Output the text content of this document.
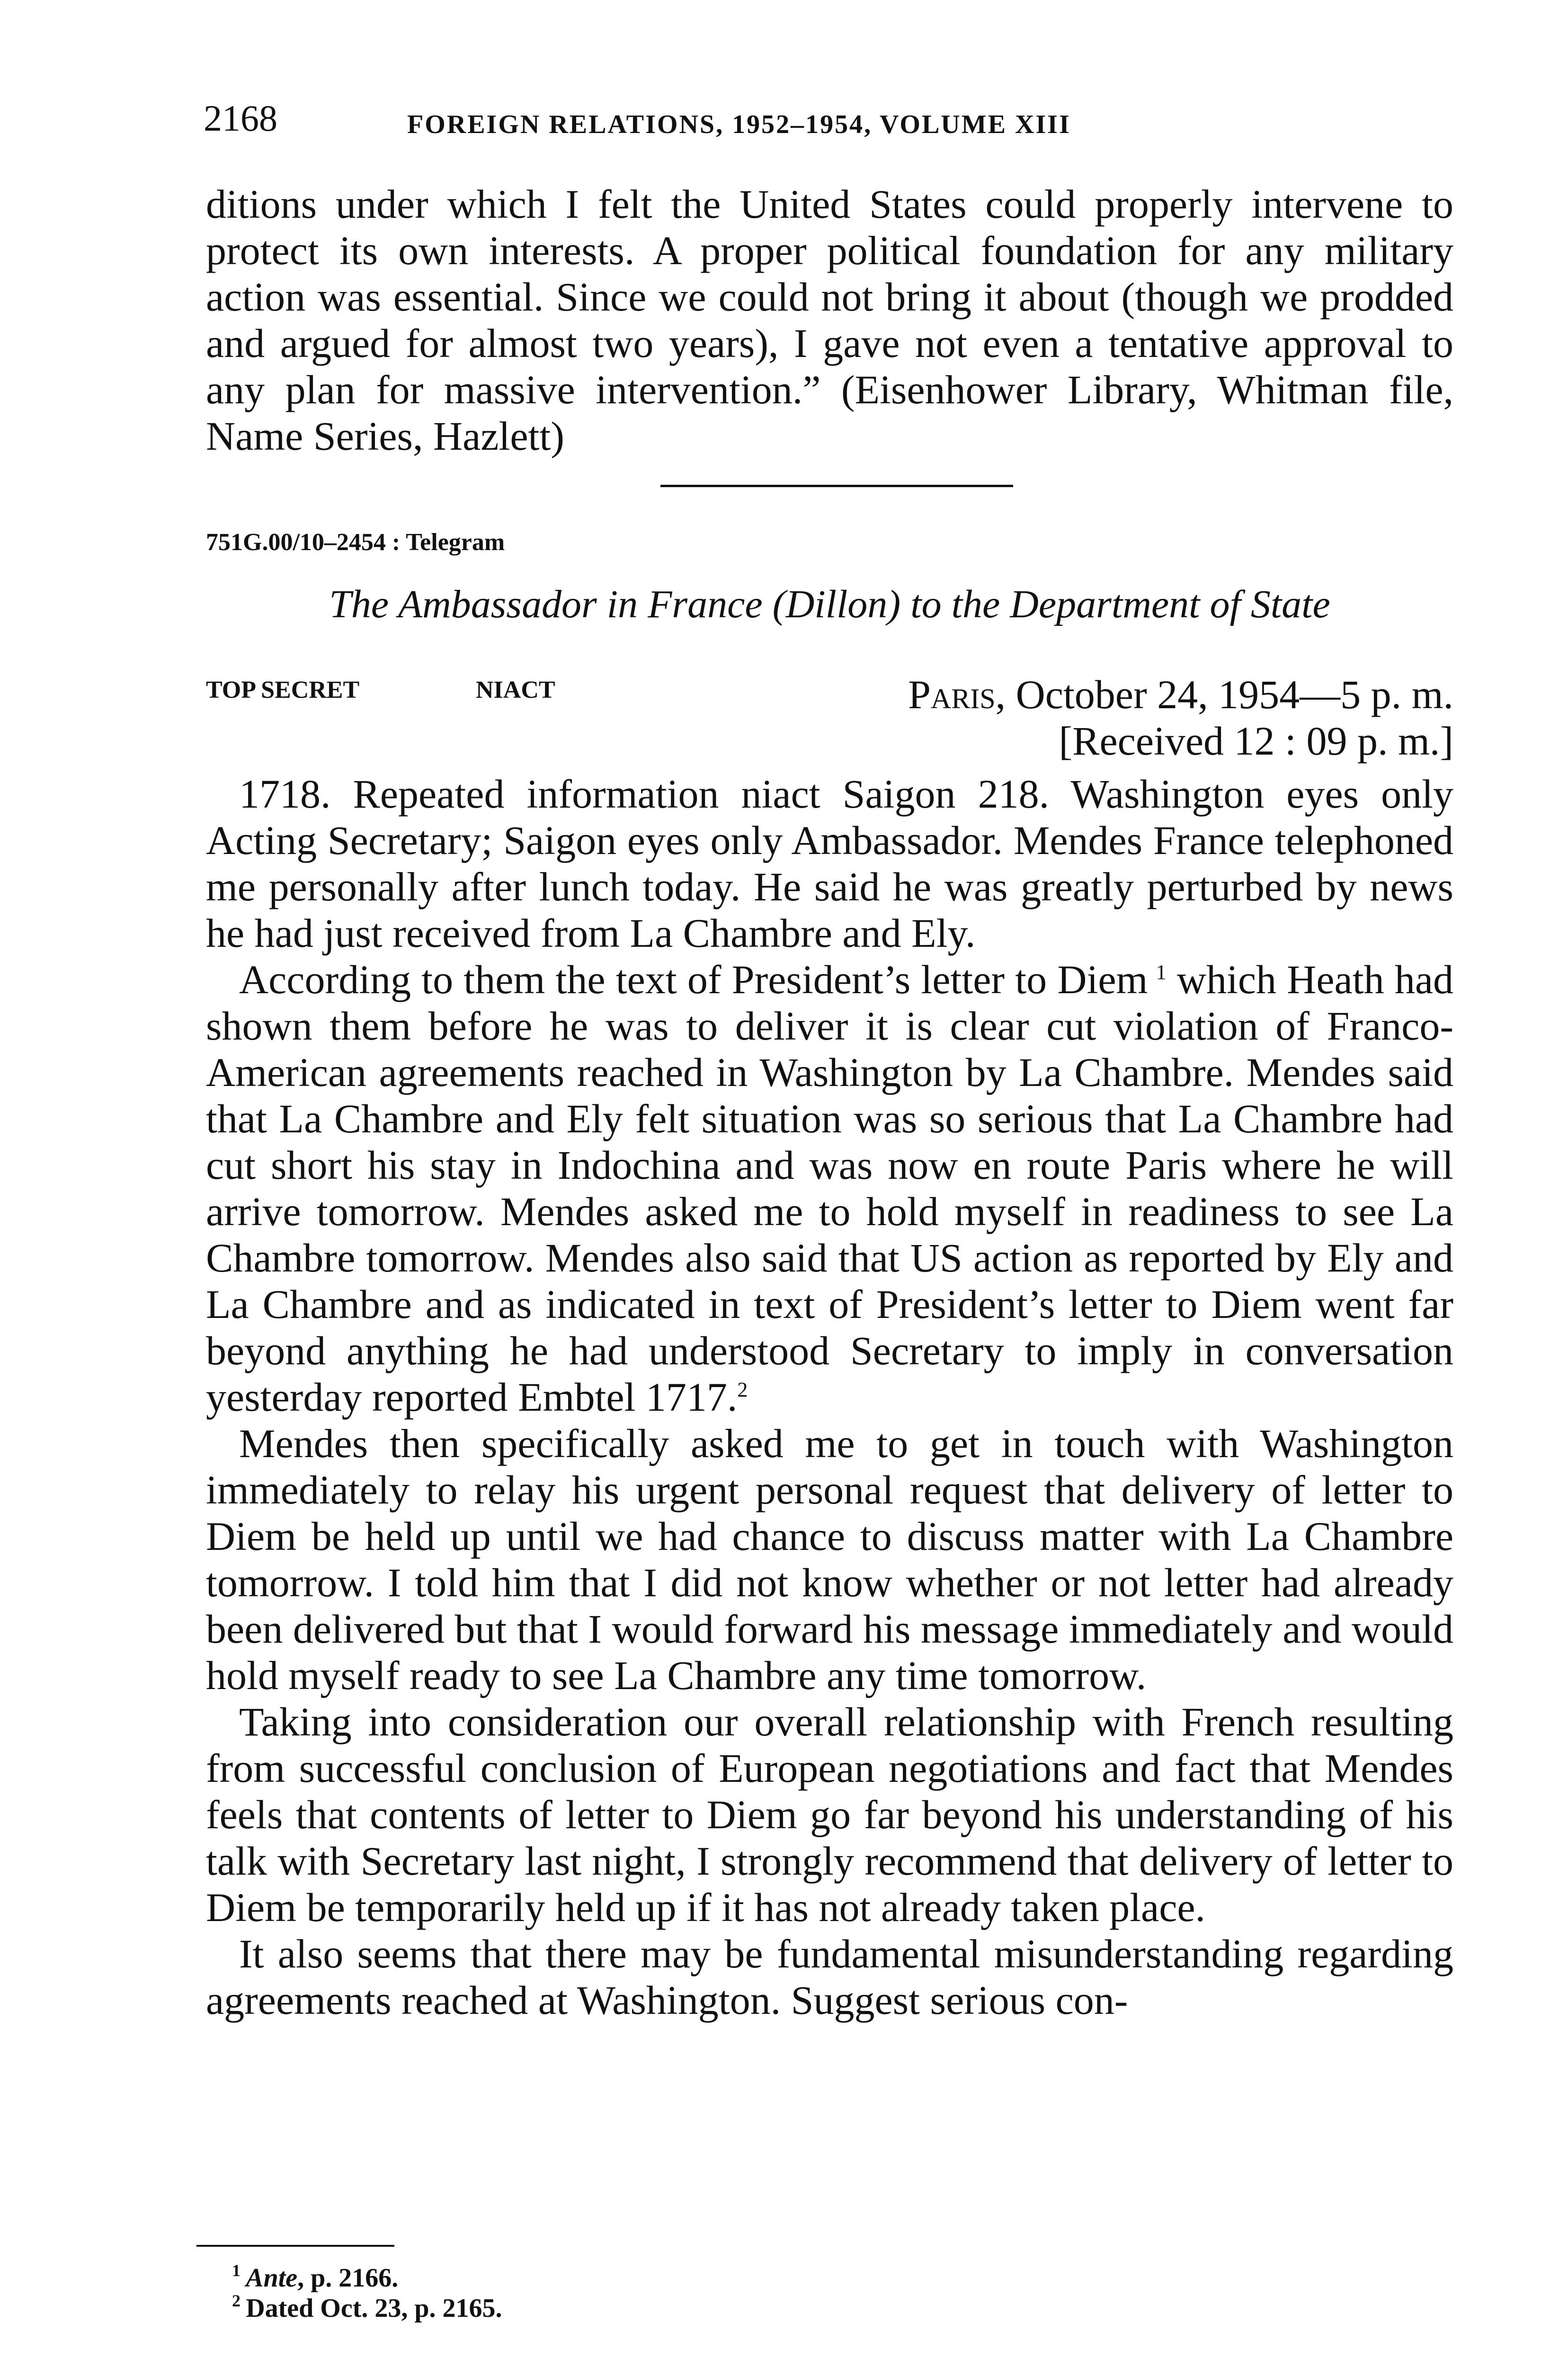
2168	FOREIGN RELATIONS, 1952–1954, VOLUME XIII
ditions under which I felt the United States could properly intervene to protect its own interests. A proper political foundation for any military action was essential. Since we could not bring it about (though we prodded and argued for almost two years), I gave not even a tentative approval to any plan for massive intervention.” (Eisenhower Library, Whitman file, Name Series, Hazlett)
751G.00/10–2454 : Telegram
The Ambassador in France (Dillon) to the Department of State
TOP SECRET	NIACT	Paris, October 24, 1954—5 p. m.
[Received 12 : 09 p. m.]

1718. Repeated information niact Saigon 218. Washington eyes only Acting Secretary; Saigon eyes only Ambassador. Mendes France telephoned me personally after lunch today. He said he was greatly perturbed by news he had just received from La Chambre and Ely.

According to them the text of President’s letter to Diem  $^1$ which Heath had shown them before he was to deliver it is clear cut violation of Franco-American agreements reached in Washington by La Chambre. Mendes said that La Chambre and Ely felt situation was so serious that La Chambre had cut short his stay in Indochina and was now en route Paris where he will arrive tomorrow. Mendes asked me to hold myself in readiness to see La Chambre tomorrow. Mendes also said that US action as reported by Ely and La Chambre and as indicated in text of President’s letter to Diem went far beyond anything he had understood Secretary to imply in conversation yesterday reported Embtel 1717.$^2$

Mendes then specifically asked me to get in touch with Washington immediately to relay his urgent personal request that delivery of letter to Diem be held up until we had chance to discuss matter with La Chambre tomorrow. I told him that I did not know whether or not letter had already been delivered but that I would forward his message immediately and would hold myself ready to see La Chambre any time tomorrow.

Taking into consideration our overall relationship with French resulting from successful conclusion of European negotiations and fact that Mendes feels that contents of letter to Diem go far beyond his understanding of his talk with Secretary last night, I strongly recommend that delivery of letter to Diem be temporarily held up if it has not already taken place.

It also seems that there may be fundamental misunderstanding regarding agreements reached at Washington. Suggest serious con-

$^1$  Ante, p. 2166.

$^2$  Dated Oct. 23, p. 2165.
